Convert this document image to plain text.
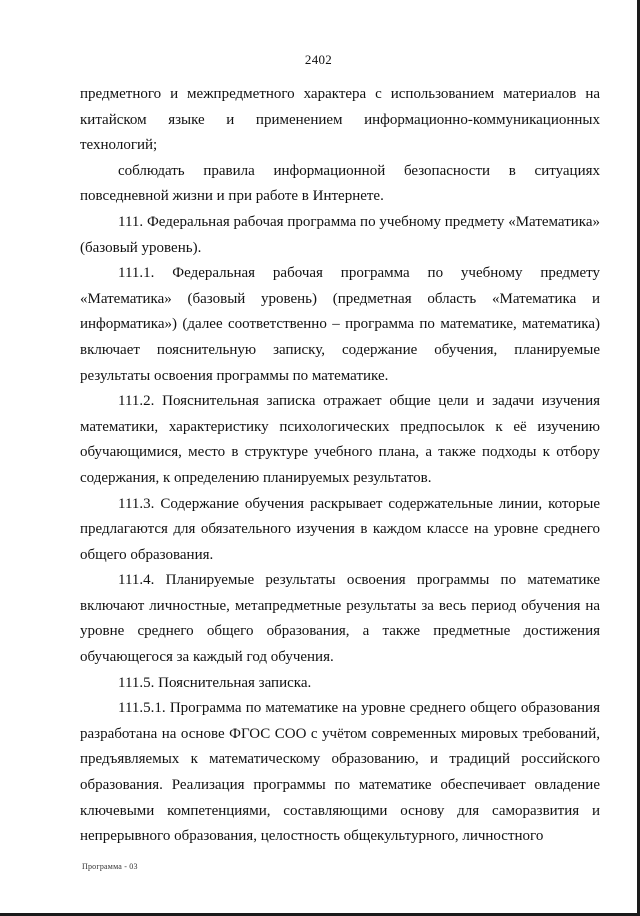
2402

предметного и межпредметного характера с использованием материалов на китайском языке и применением информационно-коммуникационных технологий;

соблюдать правила информационной безопасности в ситуациях повседневной жизни и при работе в Интернете.

111. Федеральная рабочая программа по учебному предмету «Математика» (базовый уровень).

111.1. Федеральная рабочая программа по учебному предмету «Математика» (базовый уровень) (предметная область «Математика и информатика») (далее соответственно – программа по математике, математика) включает пояснительную записку, содержание обучения, планируемые результаты освоения программы по математике.

111.2. Пояснительная записка отражает общие цели и задачи изучения математики, характеристику психологических предпосылок к её изучению обучающимися, место в структуре учебного плана, а также подходы к отбору содержания, к определению планируемых результатов.

111.3. Содержание обучения раскрывает содержательные линии, которые предлагаются для обязательного изучения в каждом классе на уровне среднего общего образования.

111.4. Планируемые результаты освоения программы по математике включают личностные, метапредметные результаты за весь период обучения на уровне среднего общего образования, а также предметные достижения обучающегося за каждый год обучения.

111.5. Пояснительная записка.

111.5.1. Программа по математике на уровне среднего общего образования разработана на основе ФГОС СОО с учётом современных мировых требований, предъявляемых к математическому образованию, и традиций российского образования. Реализация программы по математике обеспечивает овладение ключевыми компетенциями, составляющими основу для саморазвития и непрерывного образования, целостность общекультурного, личностного

Программа - 03
